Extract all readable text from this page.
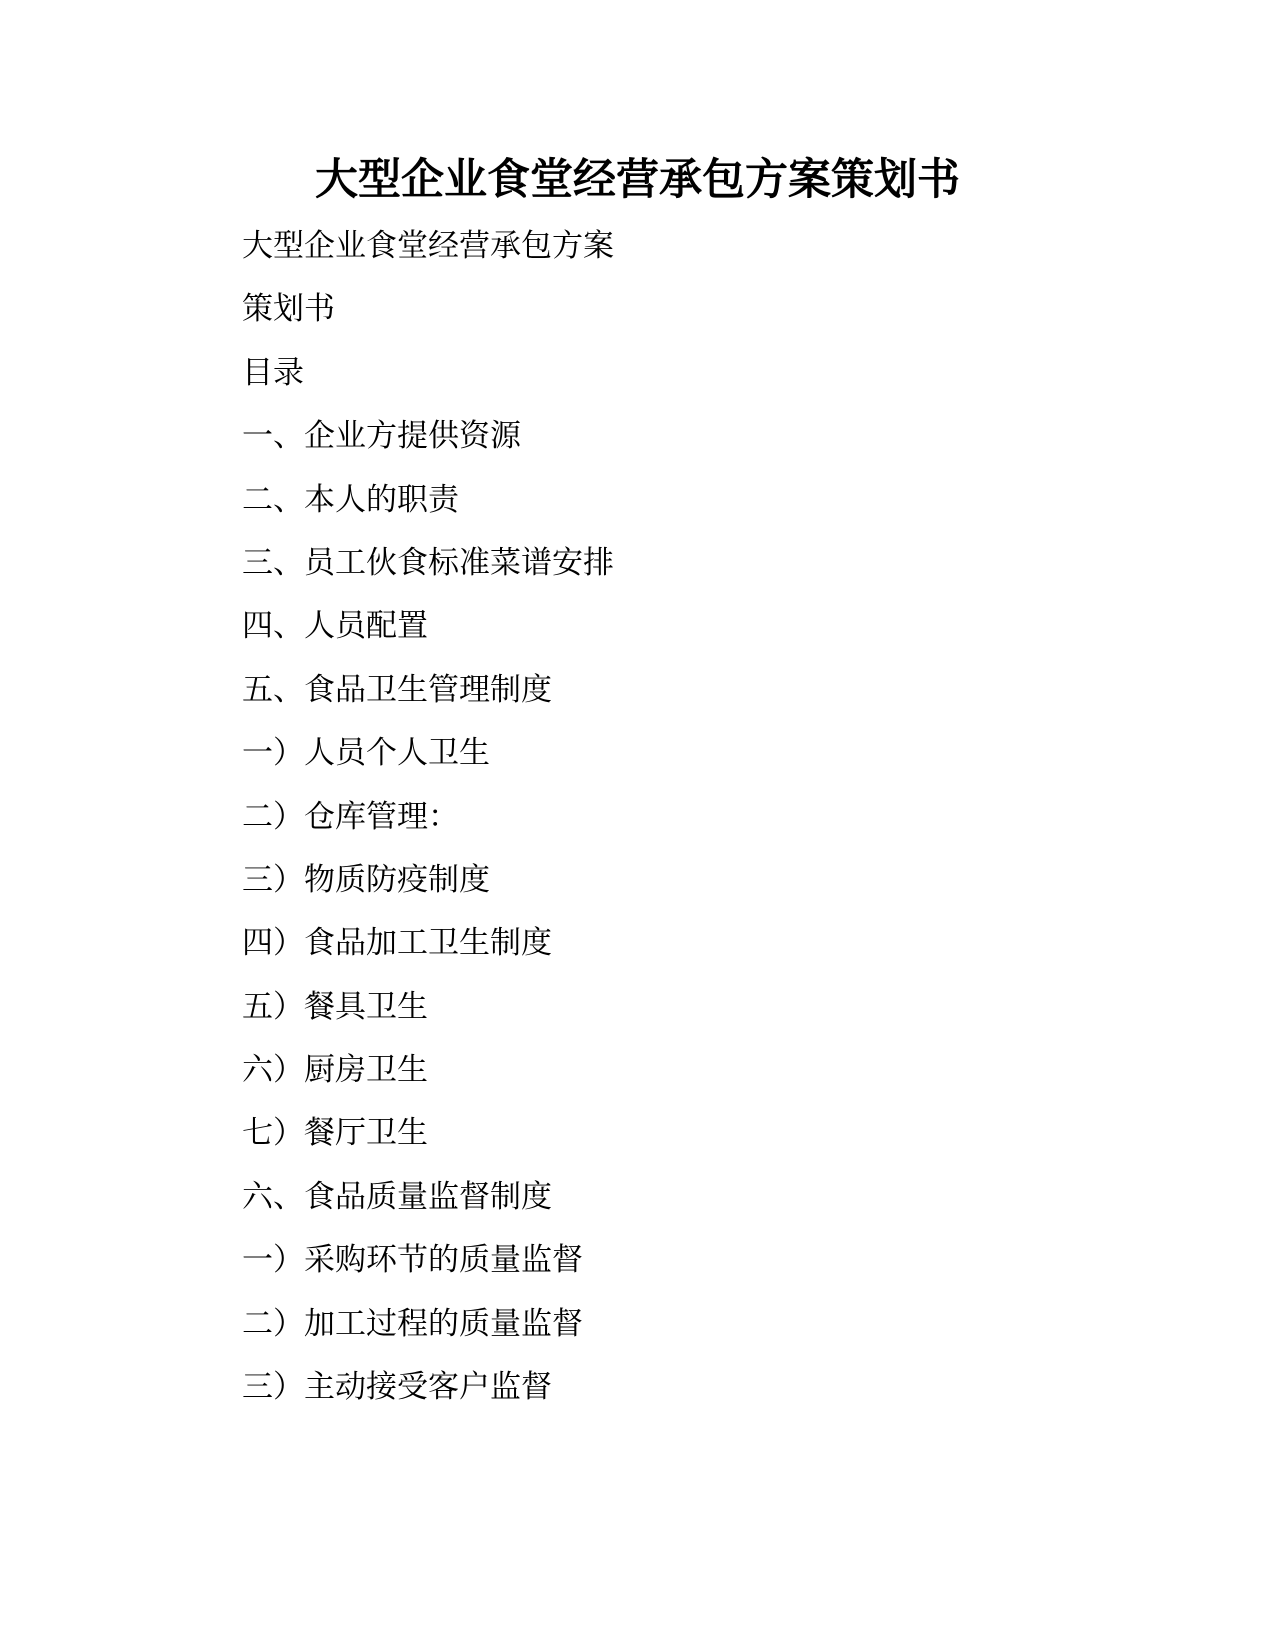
大型企业食堂经营承包方案策划书
大型企业食堂经营承包方案
策划书
目录
一、企业方提供资源
二、本人的职责
三、员工伙食标准菜谱安排
四、人员配置
五、食品卫生管理制度
一）人员个人卫生
二）仓库管理：
三）物质防疫制度
四）食品加工卫生制度
五）餐具卫生
六）厨房卫生
七）餐厅卫生
六、食品质量监督制度
一）采购环节的质量监督
二）加工过程的质量监督
三）主动接受客户监督
